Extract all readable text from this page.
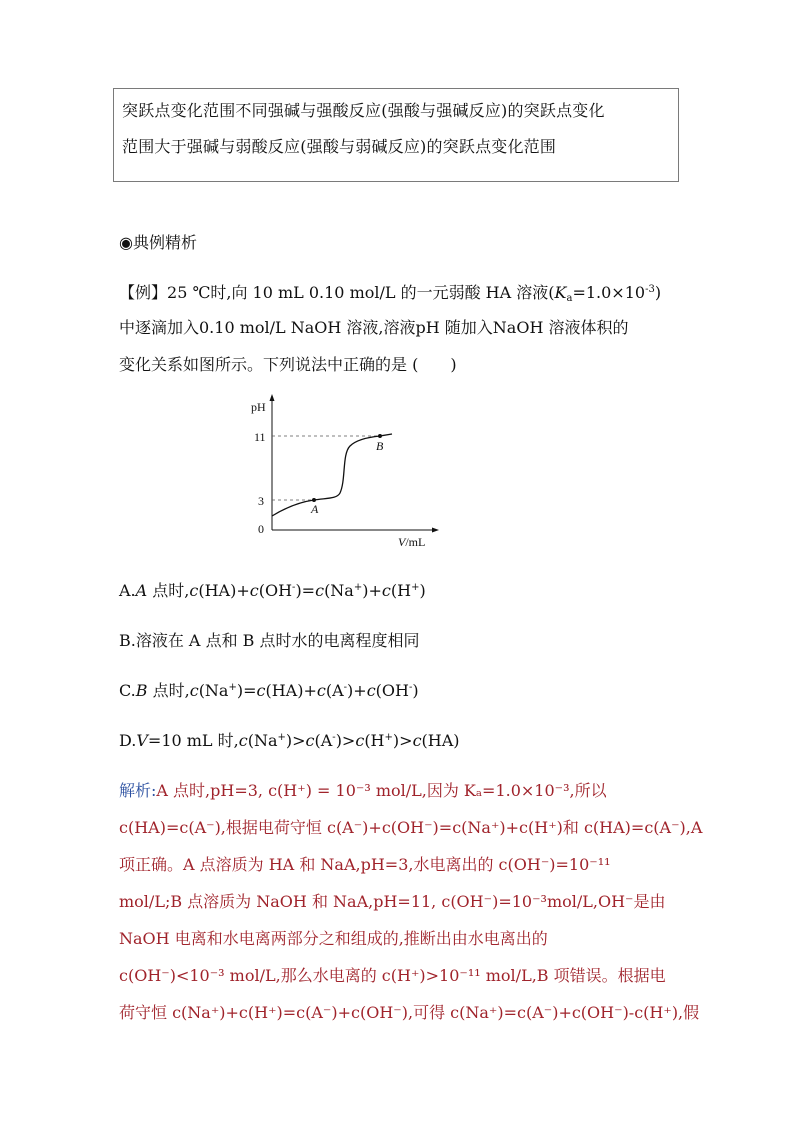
突跃点变化范围不同强碱与强酸反应(强酸与强碱反应)的突跃点变化
范围大于强碱与弱酸反应(强酸与弱碱反应)的突跃点变化范围
◉典例精析
【例】25 ℃时,向 10 mL 0.10 mol/L 的一元弱酸 HA 溶液$(K_a=1.0\times 10^{-3})$
中逐滴加入0.10 mol/L NaOH 溶液,溶液pH 随加入NaOH 溶液体积的
变化关系如图所示。下列说法中正确的是 (　　)
pH
11
3
0
V/mL
A
B
A.A 点时,c(HA)+c(OH-)=c(Na+)+c(H+)
B.溶液在 A 点和 B 点时水的电离程度相同
C.B 点时,c(Na+)=c(HA)+c(A-)+c(OH-)
D.V=10 mL 时,c(Na+)>c(A-)>c(H+)>c(HA)
解析:A 点时,pH=3, c(H⁺) = 10⁻³ mol/L,因为 Kₐ=1.0×10⁻³,所以
c(HA)=c(A⁻),根据电荷守恒 c(A⁻)+c(OH⁻)=c(Na⁺)+c(H⁺)和 c(HA)=c(A⁻),A
项正确。A 点溶质为 HA 和 NaA,pH=3,水电离出的 c(OH⁻)=10⁻¹¹
mol/L;B 点溶质为 NaOH 和 NaA,pH=11, c(OH⁻)=10⁻³mol/L,OH⁻是由
NaOH 电离和水电离两部分之和组成的,推断出由水电离出的
c(OH⁻)<10⁻³ mol/L,那么水电离的 c(H⁺)>10⁻¹¹ mol/L,B 项错误。根据电
荷守恒 c(Na⁺)+c(H⁺)=c(A⁻)+c(OH⁻),可得 c(Na⁺)=c(A⁻)+c(OH⁻)-c(H⁺),假
